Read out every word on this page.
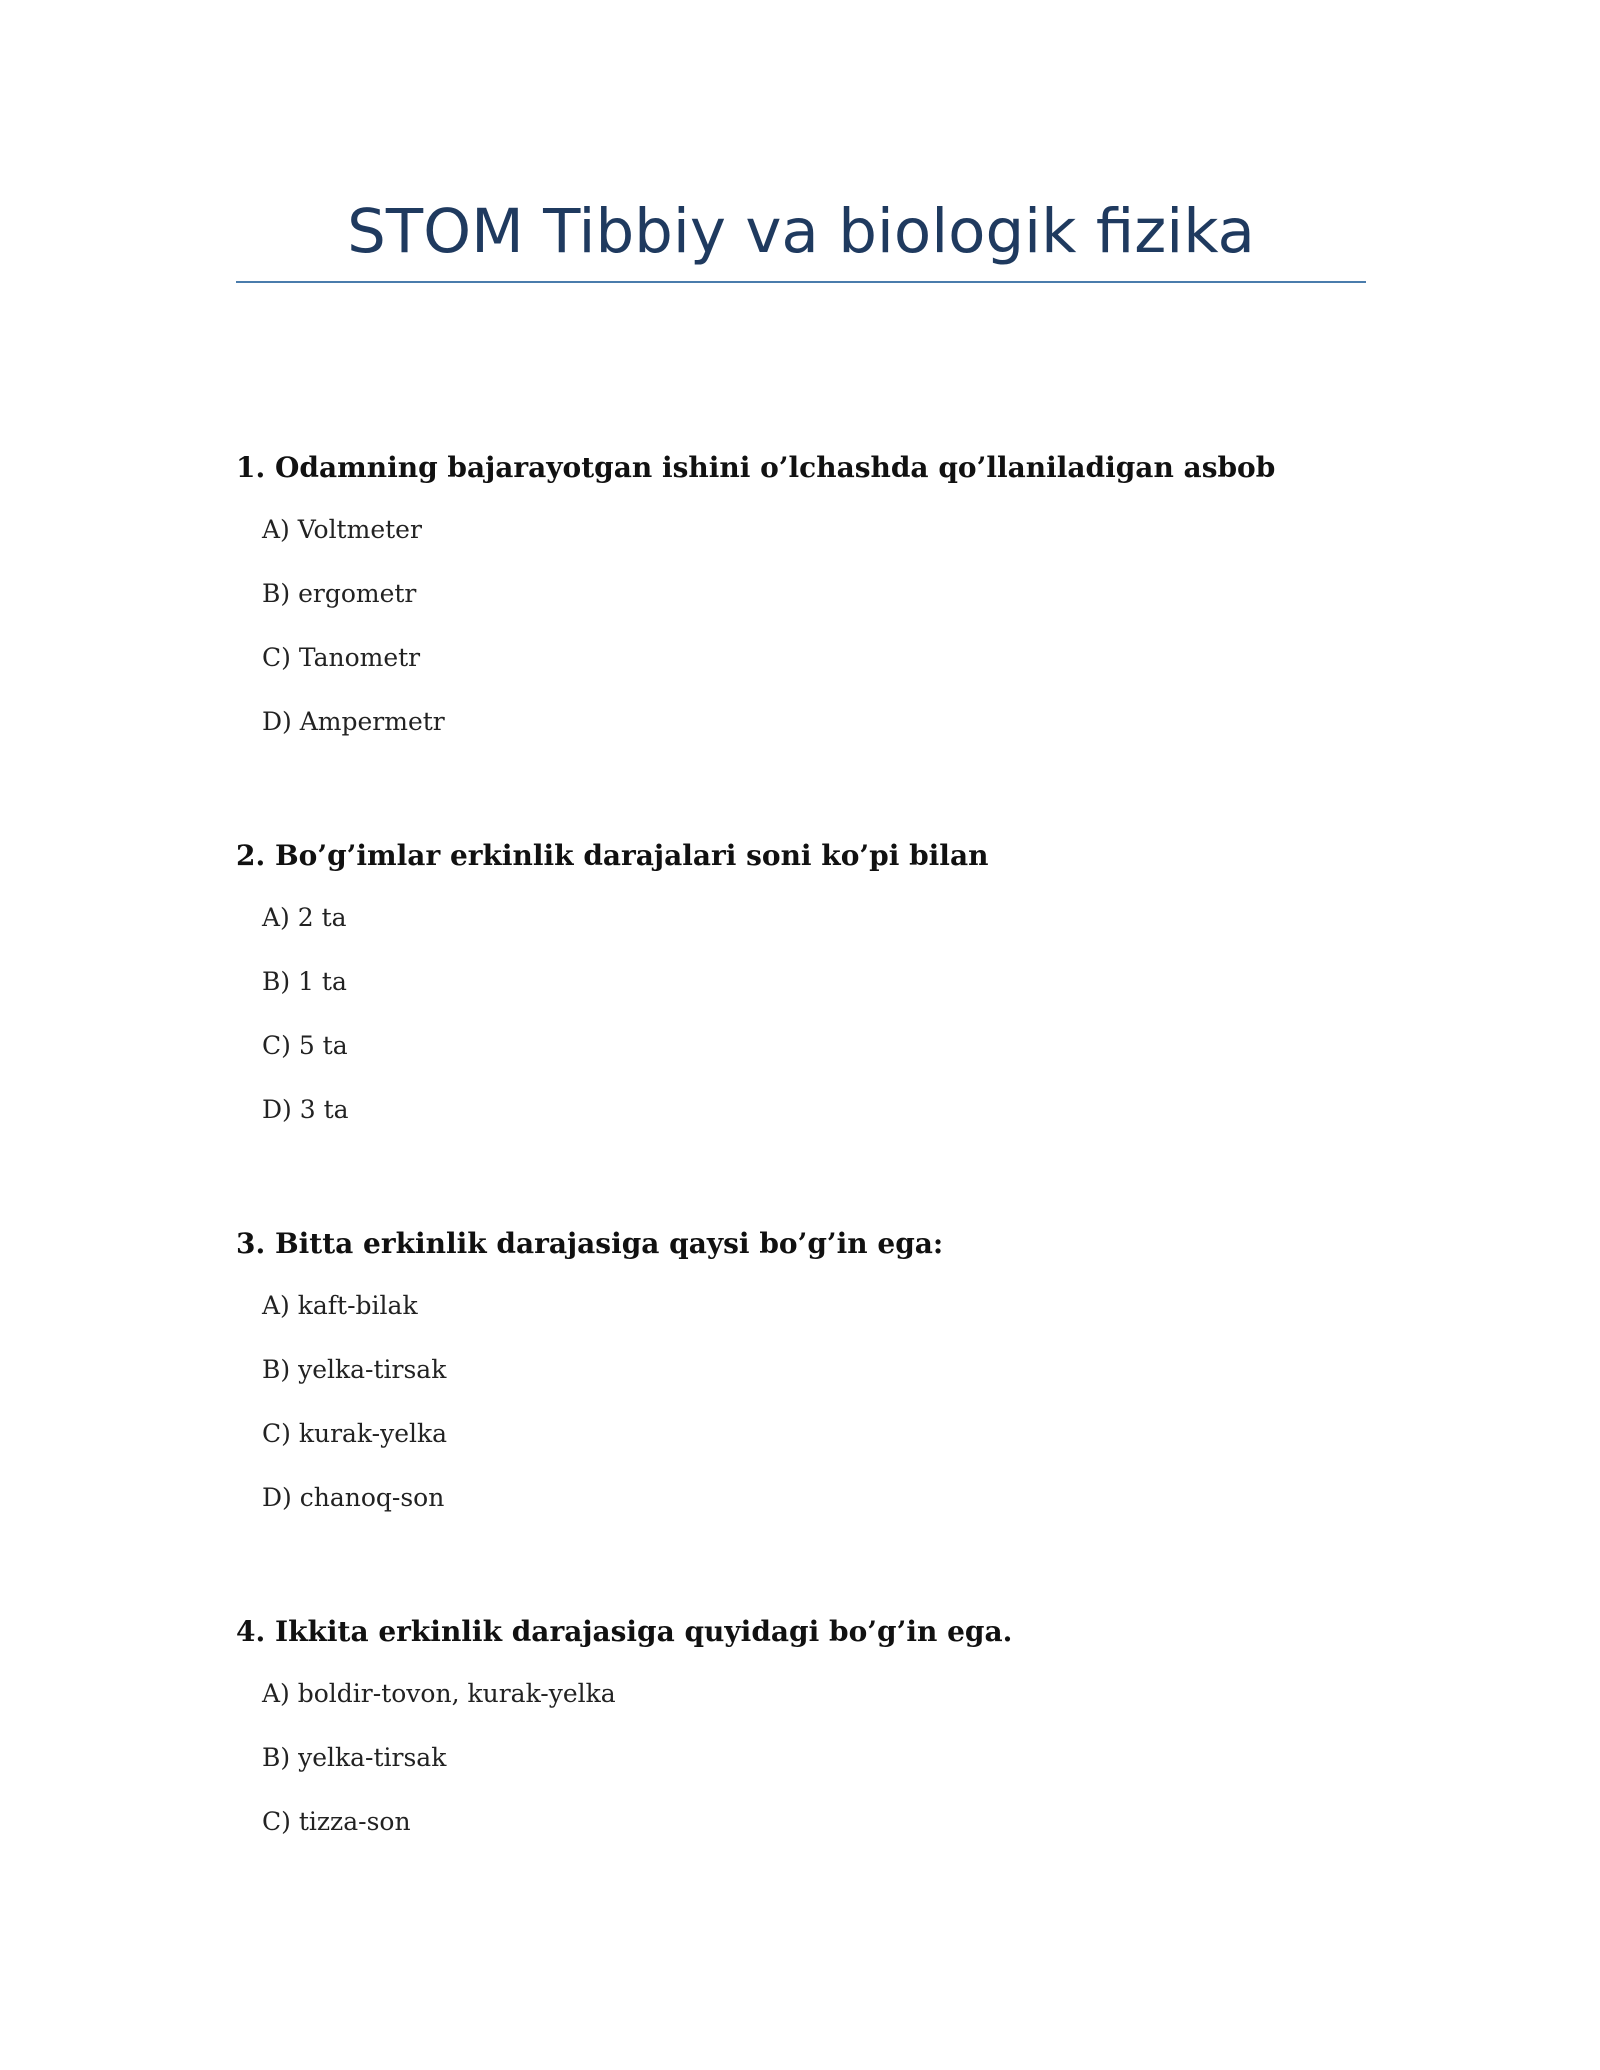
STOM Tibbiy va biologik fizika

1. Odamning bajarayotgan ishini o’lchashda qo’llaniladigan asbob

A) Voltmeter
B) ergometr
C) Tanometr
D) Ampermetr

2. Bo’g’imlar erkinlik darajalari soni ko’pi bilan

A) 2 ta
B) 1 ta
C) 5 ta
D) 3 ta

3. Bitta erkinlik darajasiga qaysi bo’g’in ega:

A) kaft-bilak
B) yelka-tirsak
C) kurak-yelka
D) chanoq-son

4. Ikkita erkinlik darajasiga quyidagi bo’g’in ega.

A) boldir-tovon, kurak-yelka
B) yelka-tirsak
C) tizza-son
